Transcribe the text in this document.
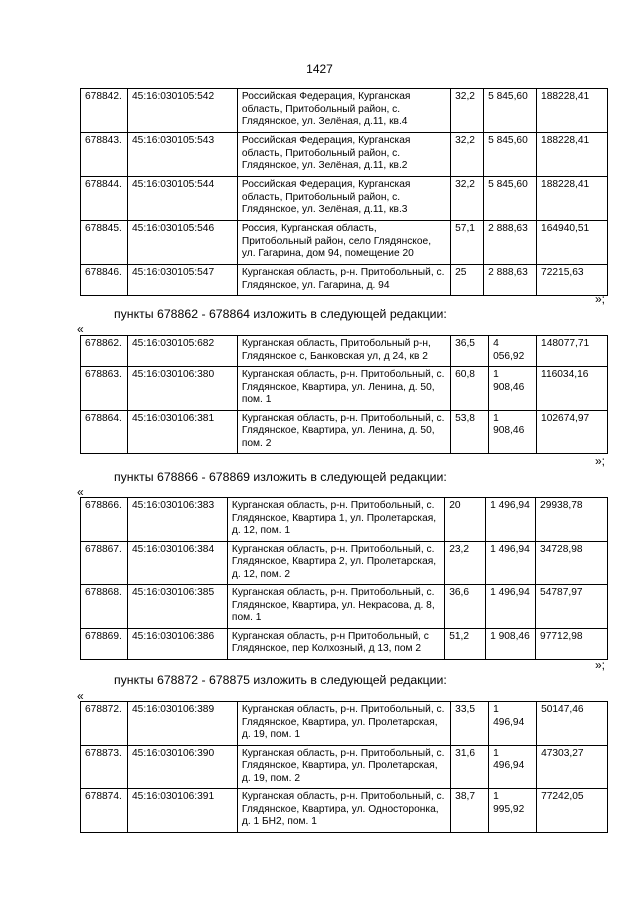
1427
678842.	45:16:030105:542	Российская Федерация, Курганская область, Притобольный район, с. Глядянское, ул. Зелёная, д.11, кв.4	32,2	5 845,60	188228,41
678843.	45:16:030105:543	Российская Федерация, Курганская область, Притобольный район, с. Глядянское, ул. Зелёная, д.11, кв.2	32,2	5 845,60	188228,41
678844.	45:16:030105:544	Российская Федерация, Курганская область, Притобольный район, с. Глядянское, ул. Зелёная, д.11, кв.3	32,2	5 845,60	188228,41
678845.	45:16:030105:546	Россия, Курганская область, Притобольный район, село Глядянское, ул. Гагарина, дом 94, помещение 20	57,1	2 888,63	164940,51
678846.	45:16:030105:547	Курганская область, р-н. Притобольный, с. Глядянское, ул. Гагарина, д. 94	25	2 888,63	72215,63
»;
пункты 678862 - 678864 изложить в следующей редакции:
«
678862.	45:16:030105:682	Курганская область, Притобольный р-н, Глядянское с, Банковская ул, д 24, кв 2	36,5	4 056,92	148077,71
678863.	45:16:030106:380	Курганская область, р-н. Притобольный, с. Глядянское, Квартира, ул. Ленина, д. 50, пом. 1	60,8	1 908,46	116034,16
678864.	45:16:030106:381	Курганская область, р-н. Притобольный, с. Глядянское, Квартира, ул. Ленина, д. 50, пом. 2	53,8	1 908,46	102674,97
»;
пункты 678866 - 678869 изложить в следующей редакции:
«
678866.	45:16:030106:383	Курганская область, р-н. Притобольный, с. Глядянское, Квартира 1, ул. Пролетарская, д. 12, пом. 1	20	1 496,94	29938,78
678867.	45:16:030106:384	Курганская область, р-н. Притобольный, с. Глядянское, Квартира 2, ул. Пролетарская, д. 12, пом. 2	23,2	1 496,94	34728,98
678868.	45:16:030106:385	Курганская область, р-н. Притобольный, с. Глядянское, Квартира, ул. Некрасова, д. 8, пом. 1	36,6	1 496,94	54787,97
678869.	45:16:030106:386	Курганская область, р-н Притобольный, с Глядянское, пер Колхозный, д 13, пом 2	51,2	1 908,46	97712,98
»;
пункты 678872 - 678875 изложить в следующей редакции:
«
678872.	45:16:030106:389	Курганская область, р-н. Притобольный, с. Глядянское, Квартира, ул. Пролетарская, д. 19, пом. 1	33,5	1 496,94	50147,46
678873.	45:16:030106:390	Курганская область, р-н. Притобольный, с. Глядянское, Квартира, ул. Пролетарская, д. 19, пом. 2	31,6	1 496,94	47303,27
678874.	45:16:030106:391	Курганская область, р-н. Притобольный, с. Глядянское, Квартира, ул. Односторонка, д. 1 БН2, пом. 1	38,7	1 995,92	77242,05
